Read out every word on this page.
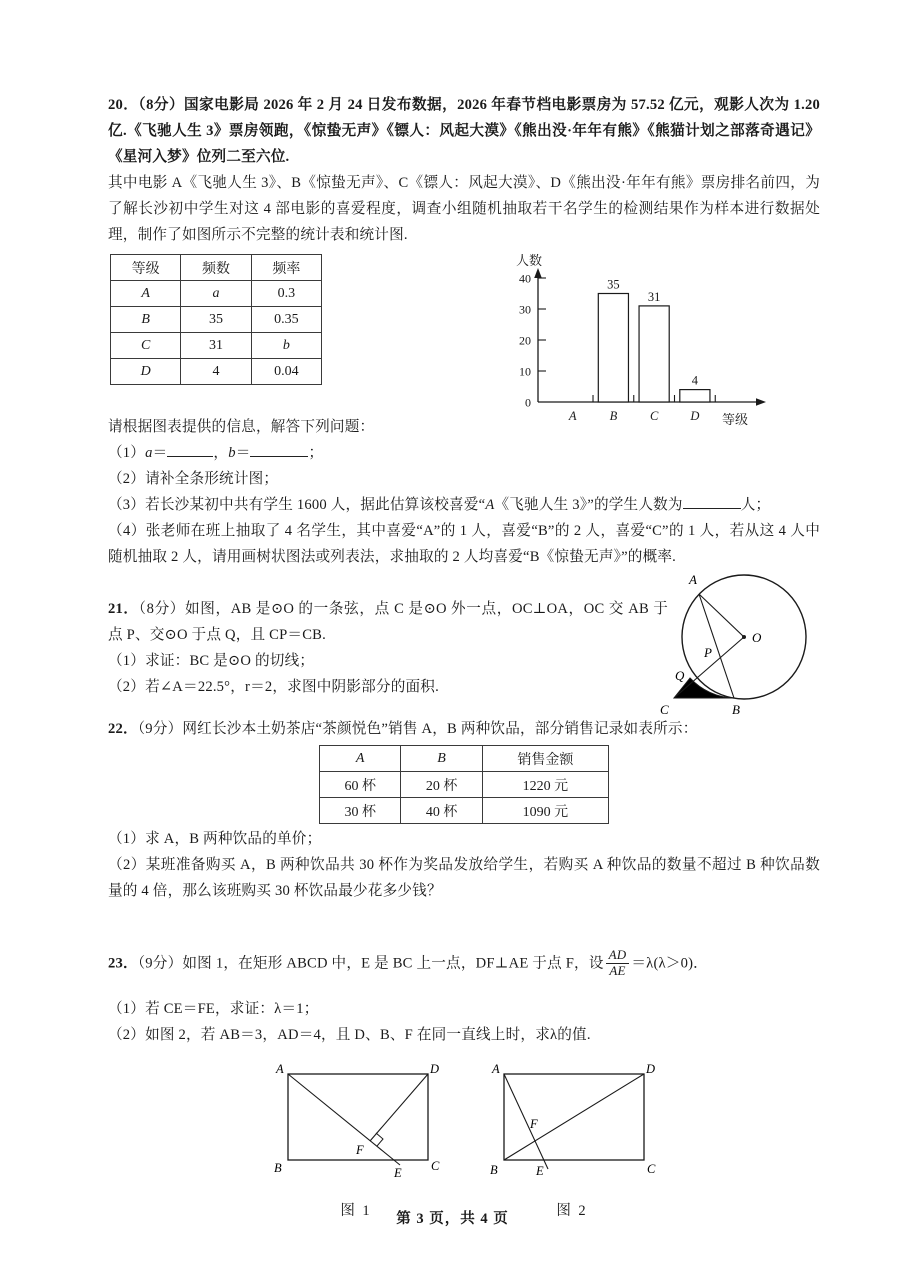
20．（8分）国家电影局 2026 年 2 月 24 日发布数据，2026 年春节档电影票房为 57.52 亿元，观影人次为 1.20 亿.《飞驰人生 3》票房领跑，《惊蛰无声》《镖人：风起大漠》《熊出没·年年有熊》《熊猫计划之部落奇遇记》《星河入梦》位列二至六位.
其中电影 A《飞驰人生 3》、B《惊蛰无声》、C《镖人：风起大漠》、D《熊出没·年年有熊》票房排名前四，为了解长沙初中学生对这 4 部电影的喜爱程度，调查小组随机抽取若干名学生的检测结果作为样本进行数据处理，制作了如图所示不完整的统计表和统计图.
等级	频数	频率
A	a	0.3
B	35	0.35
C	31	b
D	4	0.04
人数
0
10
20
30
40	35
31
4
A	B	C	D 等级
请根据图表提供的信息，解答下列问题：
（1）a＝	，b＝	；
（2）请补全条形统计图；
（3）若长沙某初中共有学生 1600 人，据此估算该校喜爱“A《飞驰人生 3》”的学生人数为	人；
（4）张老师在班上抽取了 4 名学生，其中喜爱“A”的 1 人，喜爱“B”的 2 人，喜爱“C”的 1 人，若从这 4 人中随机抽取 2 人，请用画树状图法或列表法，求抽取的 2 人均喜爱“B《惊蛰无声》”的概率.
A
O
P
Q
B
C
21．（8分）如图，AB 是⊙O 的一条弦，点 C 是⊙O 外一点，OC⊥OA，OC 交 AB 于点 P、交⊙O 于点 Q，且 CP＝CB.
（1）求证：BC 是⊙O 的切线；
（2）若∠A＝22.5°，r＝2，求图中阴影部分的面积.
22．（9分）网红长沙本土奶茶店“茶颜悦色”销售 A，B 两种饮品，部分销售记录如表所示：
A	B	销售金额
60 杯	20 杯	1220 元
30 杯	40 杯	1090 元
（1）求 A，B 两种饮品的单价；
（2）某班准备购买 A，B 两种饮品共 30 杯作为奖品发放给学生，若购买 A 种饮品的数量不超过 B 种饮品数量的 4 倍，那么该班购买 30 杯饮品最少花多少钱？
23．（9分）如图 1，在矩形 ABCD 中，E 是 BC 上一点，DF⊥AE 于点 F，设 $\frac{AD}{AE} =\lambda(\lambda>0)$．
（1）若 CE＝FE，求证：λ＝1；
（2）如图 2，若 AB＝3，AD＝4，且 D、B、F 在同一直线上时，求λ的值.
A	D
B	C
E
F
图 1
A	D
B	C
E
F
图 2
第 3 页，共 4 页
